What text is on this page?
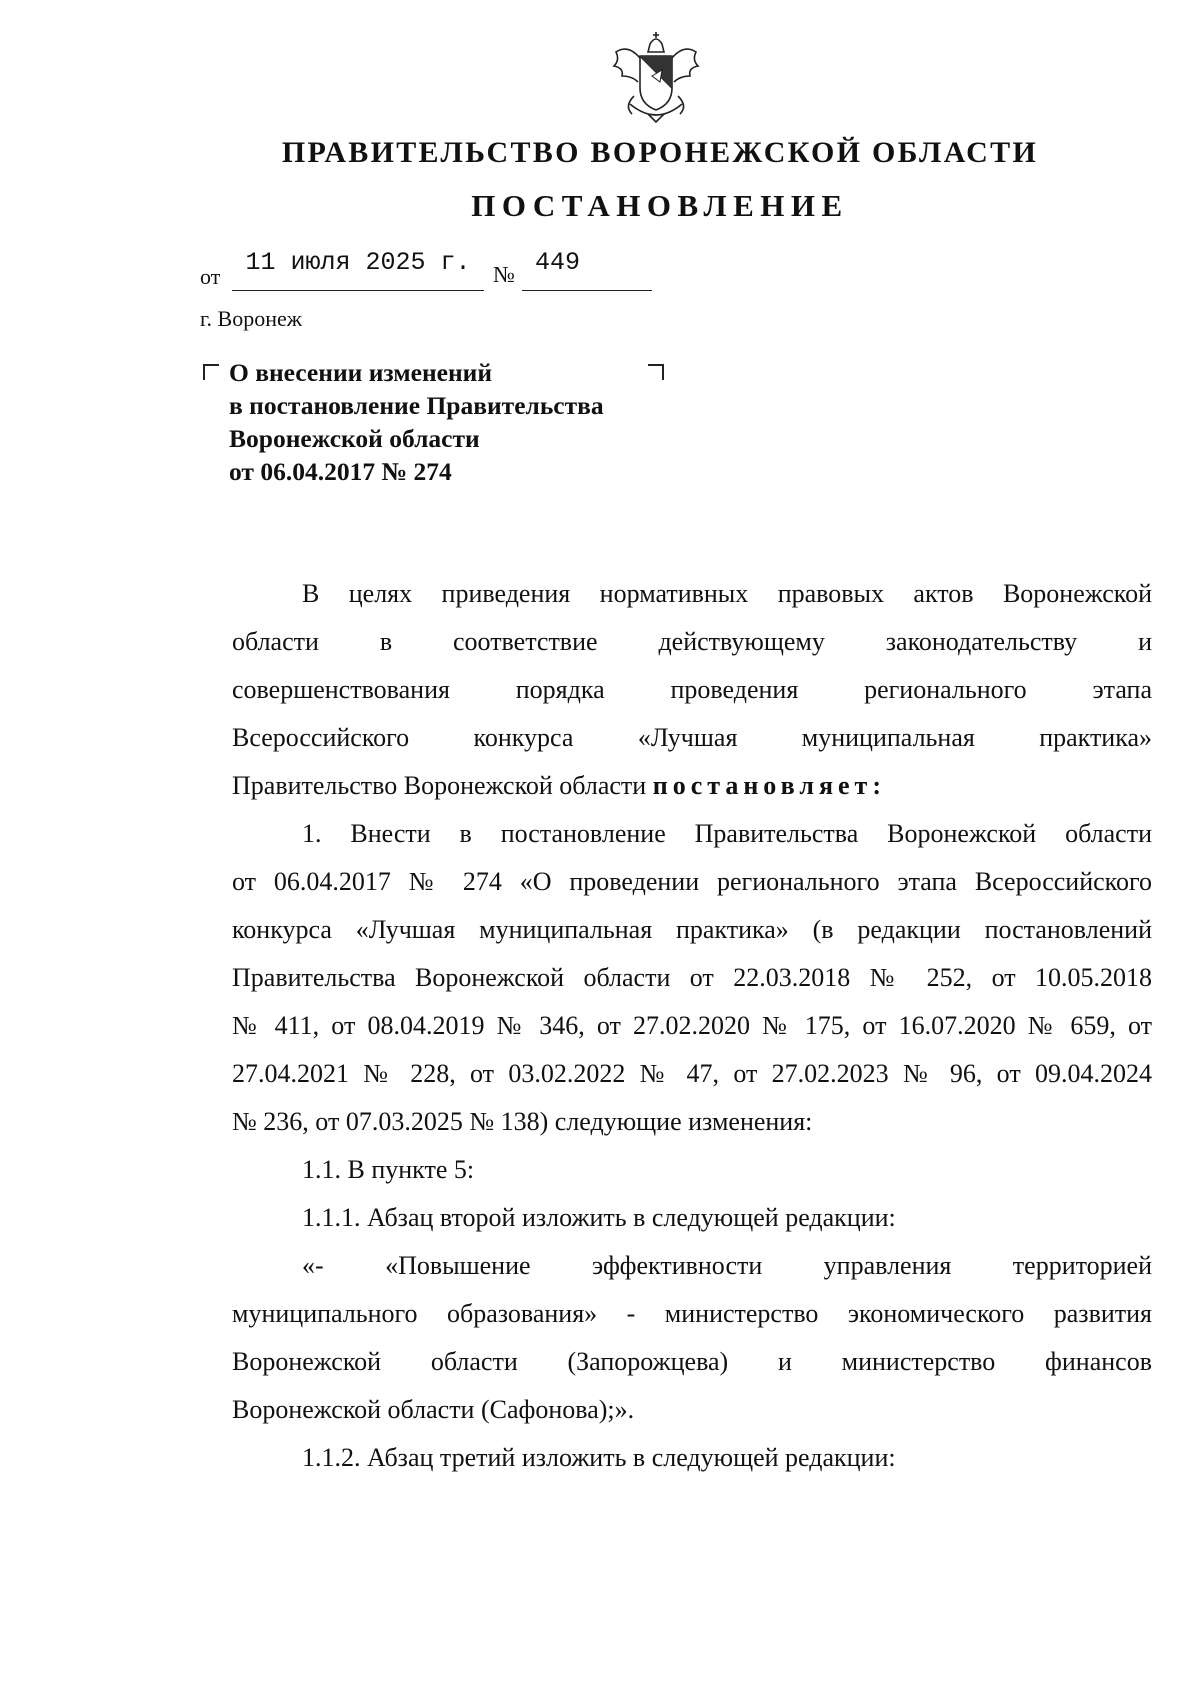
ПРАВИТЕЛЬСТВО ВОРОНЕЖСКОЙ ОБЛАСТИ
ПОСТАНОВЛЕНИЕ
от	11 июля 2025 г. № 449
г. Воронеж
О внесении изменений
в постановление Правительства
Воронежской области
от 06.04.2017 № 274

В целях приведения нормативных правовых актов Воронежской

области в соответствие действующему законодательству и

совершенствования порядка проведения регионального этапа

Всероссийского конкурса «Лучшая муниципальная практика»

Правительство Воронежской области постановляет:

1. Внести в постановление Правительства Воронежской области

от 06.04.2017 № 274 «О проведении регионального этапа Всероссийского

конкурса «Лучшая муниципальная практика» (в редакции постановлений

Правительства Воронежской области от 22.03.2018 № 252, от 10.05.2018

№ 411, от 08.04.2019 № 346, от 27.02.2020 № 175, от 16.07.2020 № 659, от

27.04.2021 № 228, от 03.02.2022 № 47, от 27.02.2023 № 96, от 09.04.2024

№ 236, от 07.03.2025 № 138) следующие изменения:

1.1. В пункте 5:

1.1.1. Абзац второй изложить в следующей редакции:

«- «Повышение эффективности управления территорией

муниципального образования» - министерство экономического развития

Воронежской области (Запорожцева) и министерство финансов

Воронежской области (Сафонова);».

1.1.2. Абзац третий изложить в следующей редакции:
